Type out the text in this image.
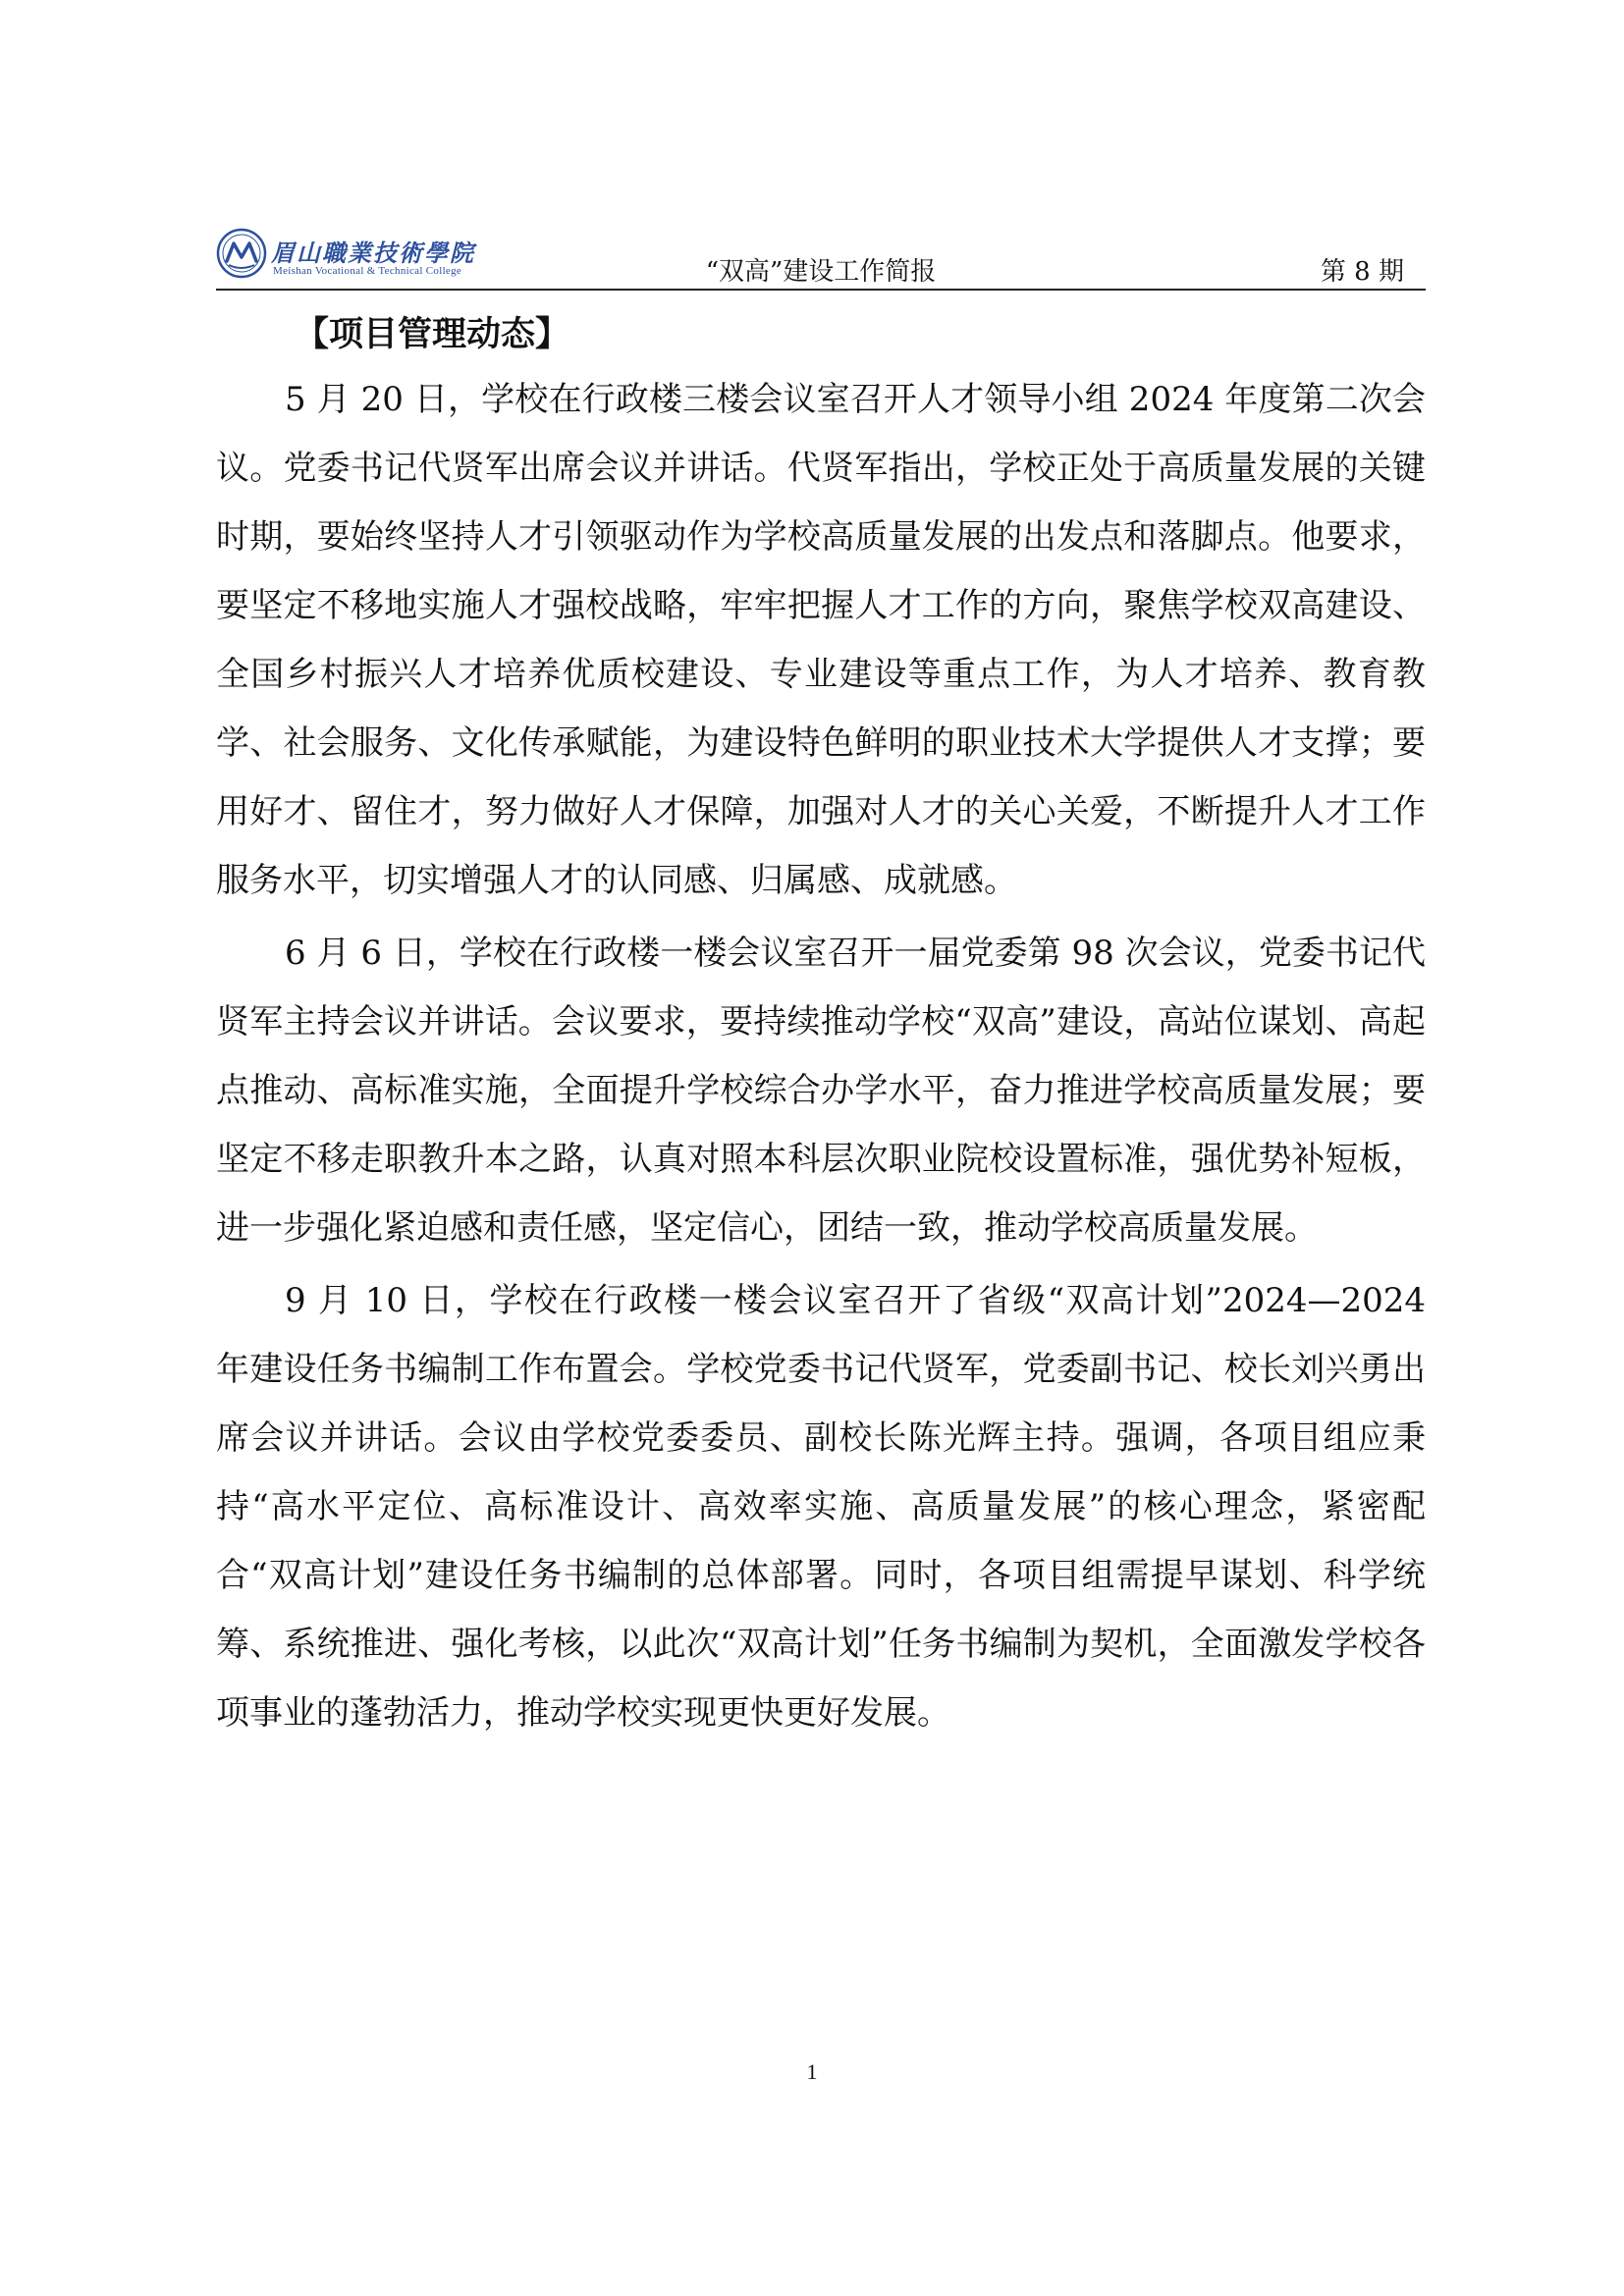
眉山職業技術學院
Meishan Vocational & Technical College	“双高”建设工作简报	第 8 期
【项目管理动态】

5 月 20 日，学校在行政楼三楼会议室召开人才领导小组 2024 年度第二次会议。党委书记代贤军出席会议并讲话。代贤军指出，学校正处于高质量发展的关键时期，要始终坚持人才引领驱动作为学校高质量发展的出发点和落脚点。他要求，要坚定不移地实施人才强校战略，牢牢把握人才工作的方向，聚焦学校双高建设、全国乡村振兴人才培养优质校建设、专业建设等重点工作，为人才培养、教育教学、社会服务、文化传承赋能，为建设特色鲜明的职业技术大学提供人才支撑；要用好才、留住才，努力做好人才保障，加强对人才的关心关爱，不断提升人才工作服务水平，切实增强人才的认同感、归属感、成就感。

6 月 6 日，学校在行政楼一楼会议室召开一届党委第 98 次会议，党委书记代贤军主持会议并讲话。会议要求，要持续推动学校“双高”建设，高站位谋划、高起点推动、高标准实施，全面提升学校综合办学水平，奋力推进学校高质量发展；要坚定不移走职教升本之路，认真对照本科层次职业院校设置标准，强优势补短板，进一步强化紧迫感和责任感，坚定信心，团结一致，推动学校高质量发展。

9 月 10 日，学校在行政楼一楼会议室召开了省级“双高计划”2024—2024 年建设任务书编制工作布置会。学校党委书记代贤军，党委副书记、校长刘兴勇出席会议并讲话。会议由学校党委委员、副校长陈光辉主持。强调，各项目组应秉持“高水平定位、高标准设计、高效率实施、高质量发展”的核心理念，紧密配合“双高计划”建设任务书编制的总体部署。同时，各项目组需提早谋划、科学统筹、系统推进、强化考核，以此次“双高计划”任务书编制为契机，全面激发学校各项事业的蓬勃活力，推动学校实现更快更好发展。

1
